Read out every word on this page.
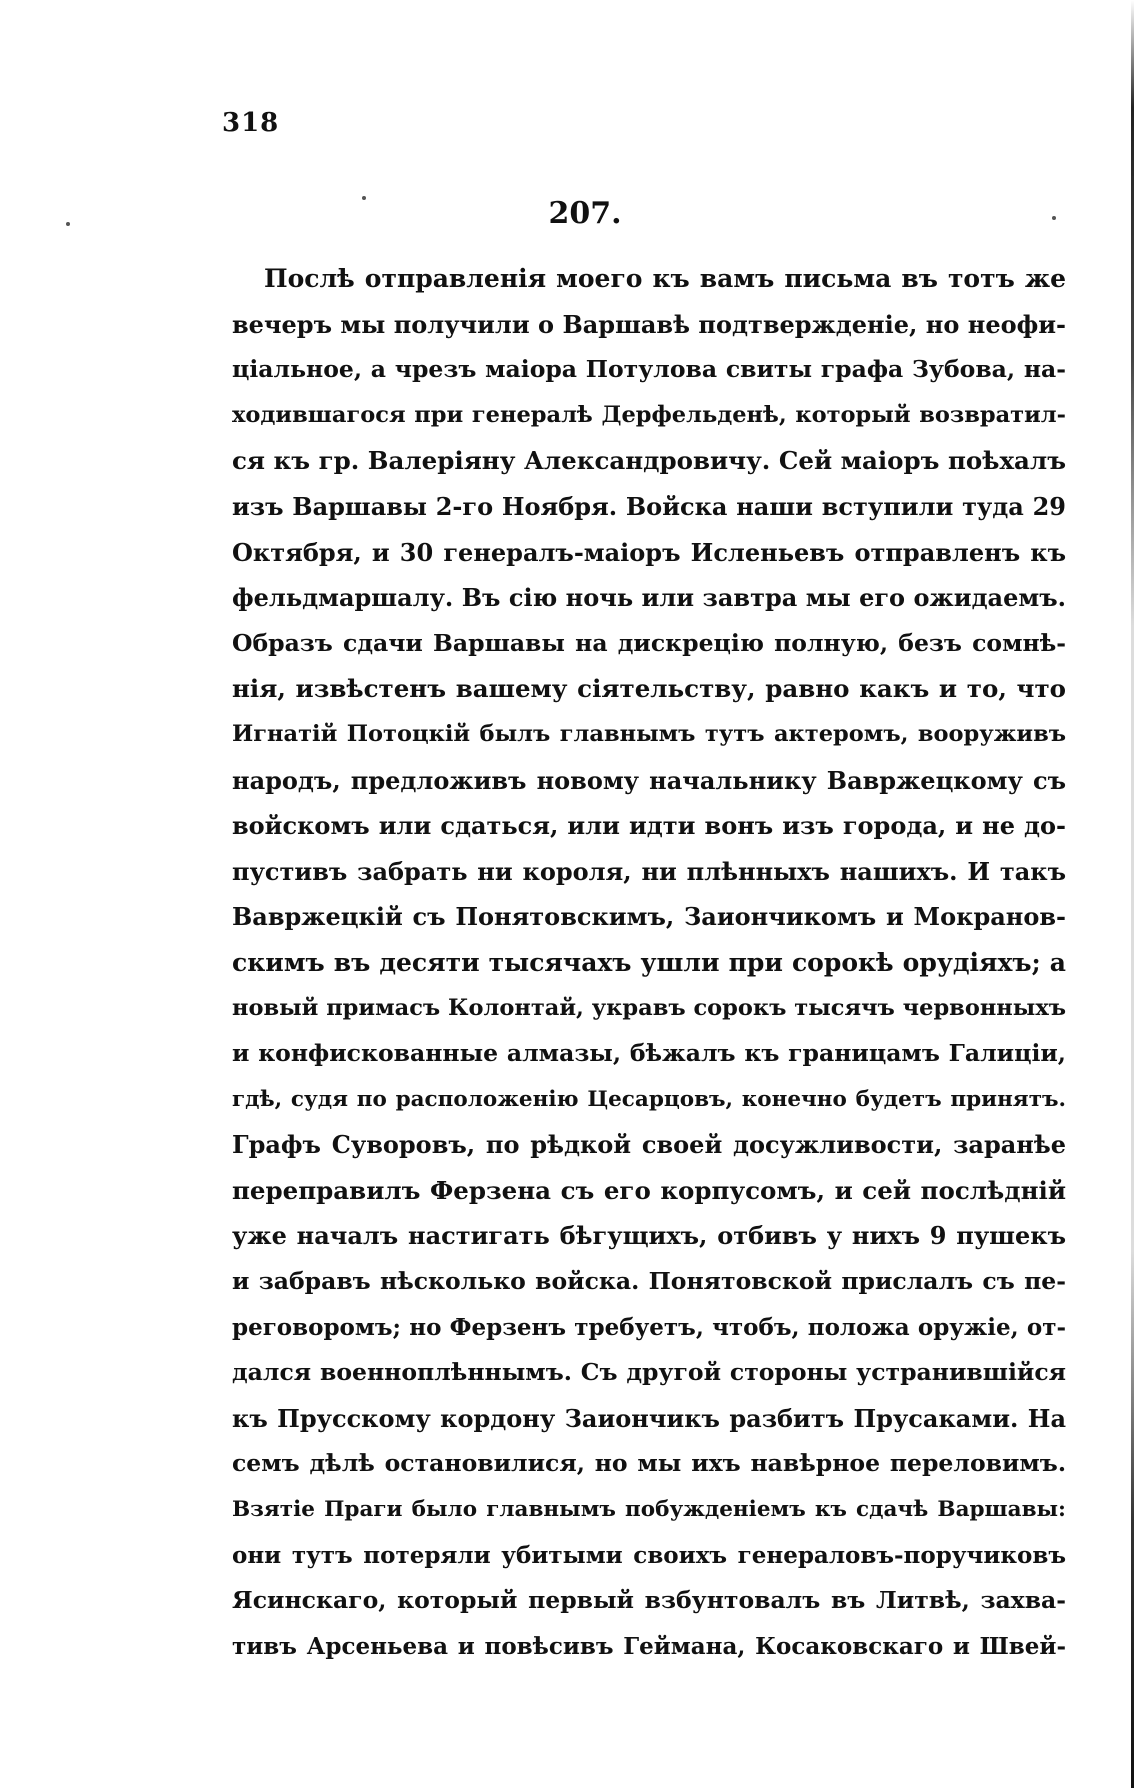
318
207.
Послѣ отправленія моего къ вамъ письма въ тотъ же
вечеръ мы получили о Варшавѣ подтвержденіе, но неофи-
ціальное, а чрезъ маіора Потулова свиты графа Зубова, на-
ходившагося при генералѣ Дерфельденѣ, который возвратил-
ся къ гр. Валеріяну Александровичу. Сей маіоръ поѣхалъ
изъ Варшавы 2-го Ноября. Войска наши вступили туда 29
Октября, и 30 генералъ-маіоръ Исленьевъ отправленъ къ
фельдмаршалу. Въ сію ночь или завтра мы его ожидаемъ.
Образъ сдачи Варшавы на дискрецію полную, безъ сомнѣ-
нія, извѣстенъ вашему сіятельству, равно какъ и то, что
Игнатій Потоцкій былъ главнымъ тутъ актеромъ, вооруживъ
народъ, предложивъ новому начальнику Вавржецкому съ
войскомъ или сдаться, или идти вонъ изъ города, и не до-
пустивъ забрать ни короля, ни плѣнныхъ нашихъ. И такъ
Вавржецкій съ Понятовскимъ, Заиончикомъ и Мокранов-
скимъ въ десяти тысячахъ ушли при сорокѣ орудіяхъ; а
новый примасъ Колонтай, укравъ сорокъ тысячъ червонныхъ
и конфискованные алмазы, бѣжалъ къ границамъ Галиціи,
гдѣ, судя по расположенію Цесарцовъ, конечно будетъ принятъ.
Графъ Суворовъ, по рѣдкой своей досужливости, заранѣе
переправилъ Ферзена съ его корпусомъ, и сей послѣдній
уже началъ настигать бѣгущихъ, отбивъ у нихъ 9 пушекъ
и забравъ нѣсколько войска. Понятовской прислалъ съ пе-
реговоромъ; но Ферзенъ требуетъ, чтобъ, положа оружіе, от-
дался военноплѣннымъ. Съ другой стороны устранившійся
къ Прусскому кордону Заиончикъ разбитъ Прусаками. На
семъ дѣлѣ остановилися, но мы ихъ навѣрное переловимъ.
Взятіе Праги было главнымъ побужденіемъ къ сдачѣ Варшавы:
они тутъ потеряли убитыми своихъ генераловъ-поручиковъ
Ясинскаго, который первый взбунтовалъ въ Литвѣ, захва-
тивъ Арсеньева и повѣсивъ Геймана, Косаковскаго и Швей-
